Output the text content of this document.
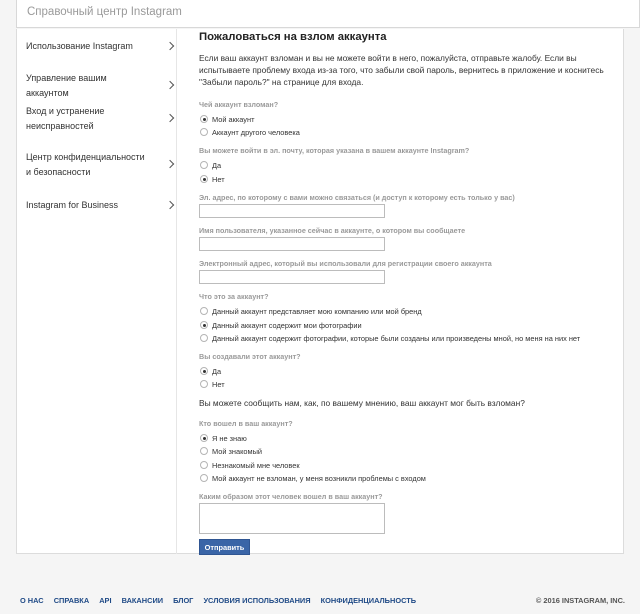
Справочный центр Instagram
Использование Instagram
Управление вашим аккаунтом
Вход и устранение неисправностей
Центр конфиденциальности и безопасности
Instagram for Business
Пожаловаться на взлом аккаунта
Если ваш аккаунт взломан и вы не можете войти в него, пожалуйста, отправьте жалобу. Если вы испытываете проблему входа из-за того, что забыли свой пароль, вернитесь в приложение и коснитесь "Забыли пароль?" на странице для входа.
Чей аккаунт взломан?
Мой аккаунт
Аккаунт другого человека
Вы можете войти в эл. почту, которая указана в вашем аккаунте Instagram?
Да
Нет
Эл. адрес, по которому с вами можно связаться (и доступ к которому есть только у вас)
Имя пользователя, указанное сейчас в аккаунте, о котором вы сообщаете
Электронный адрес, который вы использовали для регистрации своего аккаунта
Что это за аккаунт?
Данный аккаунт представляет мою компанию или мой бренд
Данный аккаунт содержит мои фотографии
Данный аккаунт содержит фотографии, которые были созданы или произведены мной, но меня на них нет
Вы создавали этот аккаунт?
Да
Нет
Вы можете сообщить нам, как, по вашему мнению, ваш аккаунт мог быть взломан?
Кто вошел в ваш аккаунт?
Я не знаю
Мой знакомый
Незнакомый мне человек
Мой аккаунт не взломан, у меня возникли проблемы с входом
Каким образом этот человек вошел в ваш аккаунт?
Отправить
О НАС СПРАВКА API ВАКАНСИИ БЛОГ УСЛОВИЯ ИСПОЛЬЗОВАНИЯ КОНФИДЕНЦИАЛЬНОСТЬ	© 2016 INSTAGRAM, INC.
